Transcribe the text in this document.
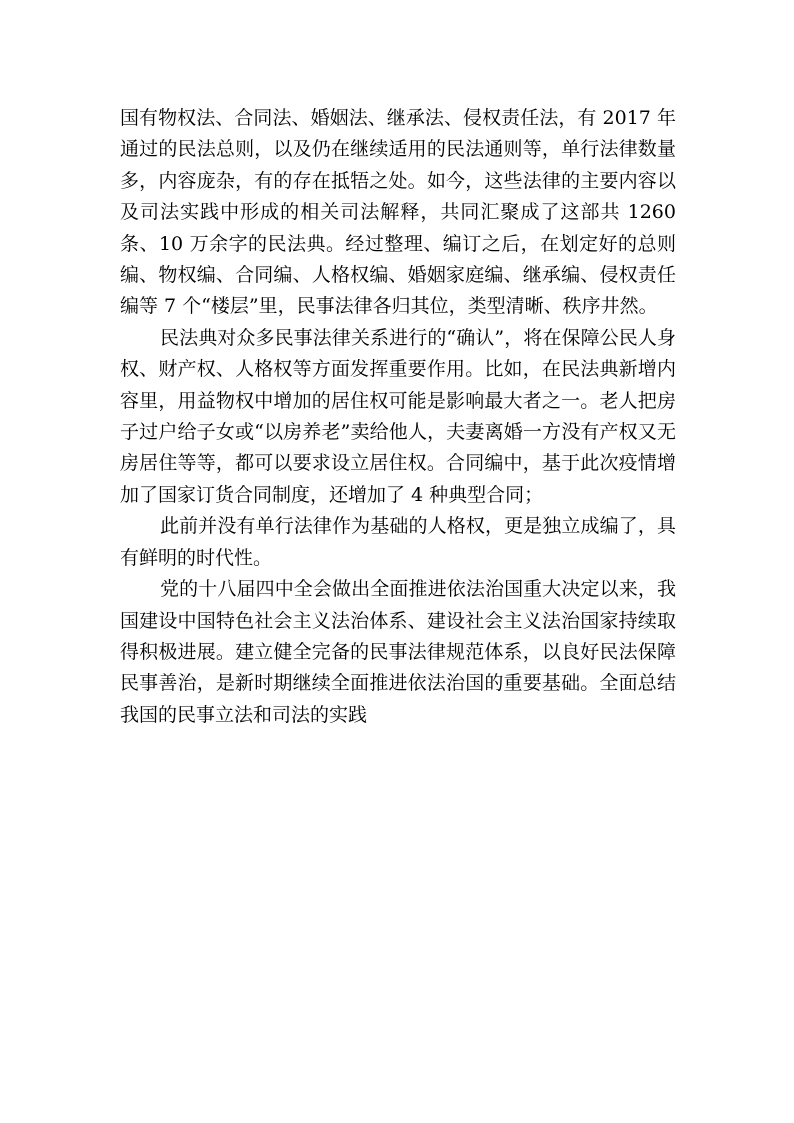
国有物权法、合同法、婚姻法、继承法、侵权责任法，有 2017 年通过的民法总则，以及仍在继续适用的民法通则等，单行法律数量多，内容庞杂，有的存在抵牾之处。如今，这些法律的主要内容以及司法实践中形成的相关司法解释，共同汇聚成了这部共 1260 条、10 万余字的民法典。经过整理、编订之后，在划定好的总则编、物权编、合同编、人格权编、婚姻家庭编、继承编、侵权责任编等 7 个“楼层”里，民事法律各归其位，类型清晰、秩序井然。

民法典对众多民事法律关系进行的“确认”，将在保障公民人身权、财产权、人格权等方面发挥重要作用。比如，在民法典新增内容里，用益物权中增加的居住权可能是影响最大者之一。老人把房子过户给子女或“以房养老”卖给他人，夫妻离婚一方没有产权又无房居住等等，都可以要求设立居住权。合同编中，基于此次疫情增加了国家订货合同制度，还增加了 4 种典型合同；

此前并没有单行法律作为基础的人格权，更是独立成编了，具有鲜明的时代性。

党的十八届四中全会做出全面推进依法治国重大决定以来，我国建设中国特色社会主义法治体系、建设社会主义法治国家持续取得积极进展。建立健全完备的民事法律规范体系，以良好民法保障民事善治，是新时期继续全面推进依法治国的重要基础。全面总结我国的民事立法和司法的实践
